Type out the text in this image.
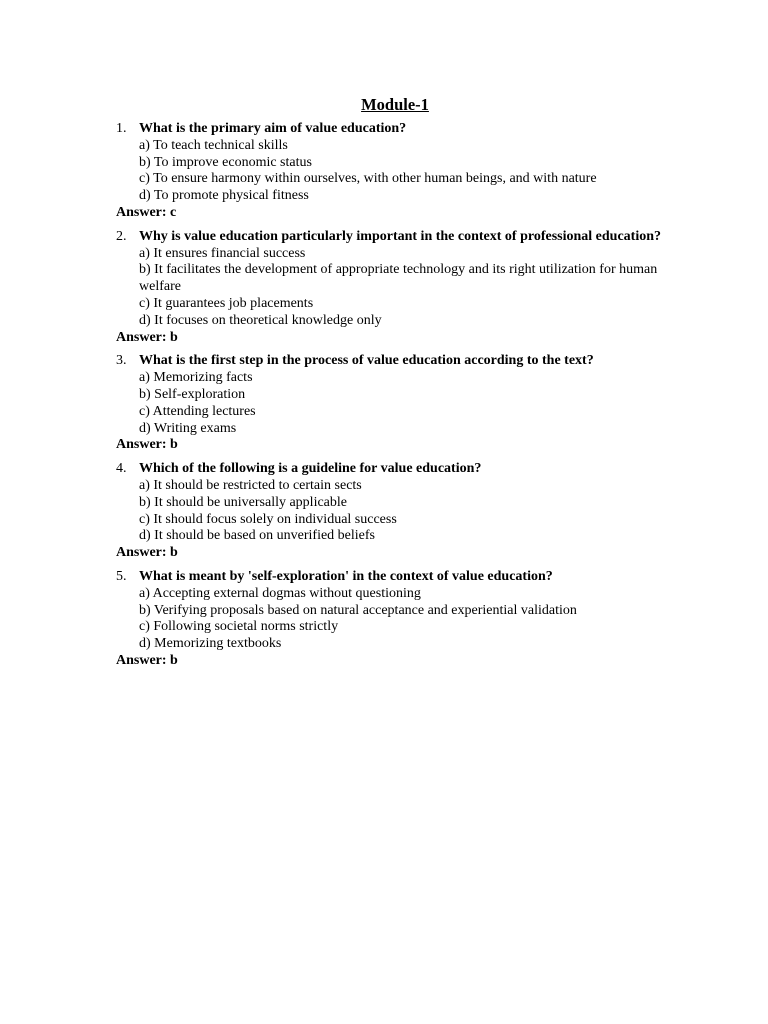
Module-1
1. What is the primary aim of value education?
a) To teach technical skills
b) To improve economic status
c) To ensure harmony within ourselves, with other human beings, and with nature
d) To promote physical fitness
Answer: c
2. Why is value education particularly important in the context of professional education?
a) It ensures financial success
b) It facilitates the development of appropriate technology and its right utilization for human welfare
c) It guarantees job placements
d) It focuses on theoretical knowledge only
Answer: b
3. What is the first step in the process of value education according to the text?
a) Memorizing facts
b) Self-exploration
c) Attending lectures
d) Writing exams
Answer: b
4. Which of the following is a guideline for value education?
a) It should be restricted to certain sects
b) It should be universally applicable
c) It should focus solely on individual success
d) It should be based on unverified beliefs
Answer: b
5. What is meant by 'self-exploration' in the context of value education?
a) Accepting external dogmas without questioning
b) Verifying proposals based on natural acceptance and experiential validation
c) Following societal norms strictly
d) Memorizing textbooks
Answer: b
